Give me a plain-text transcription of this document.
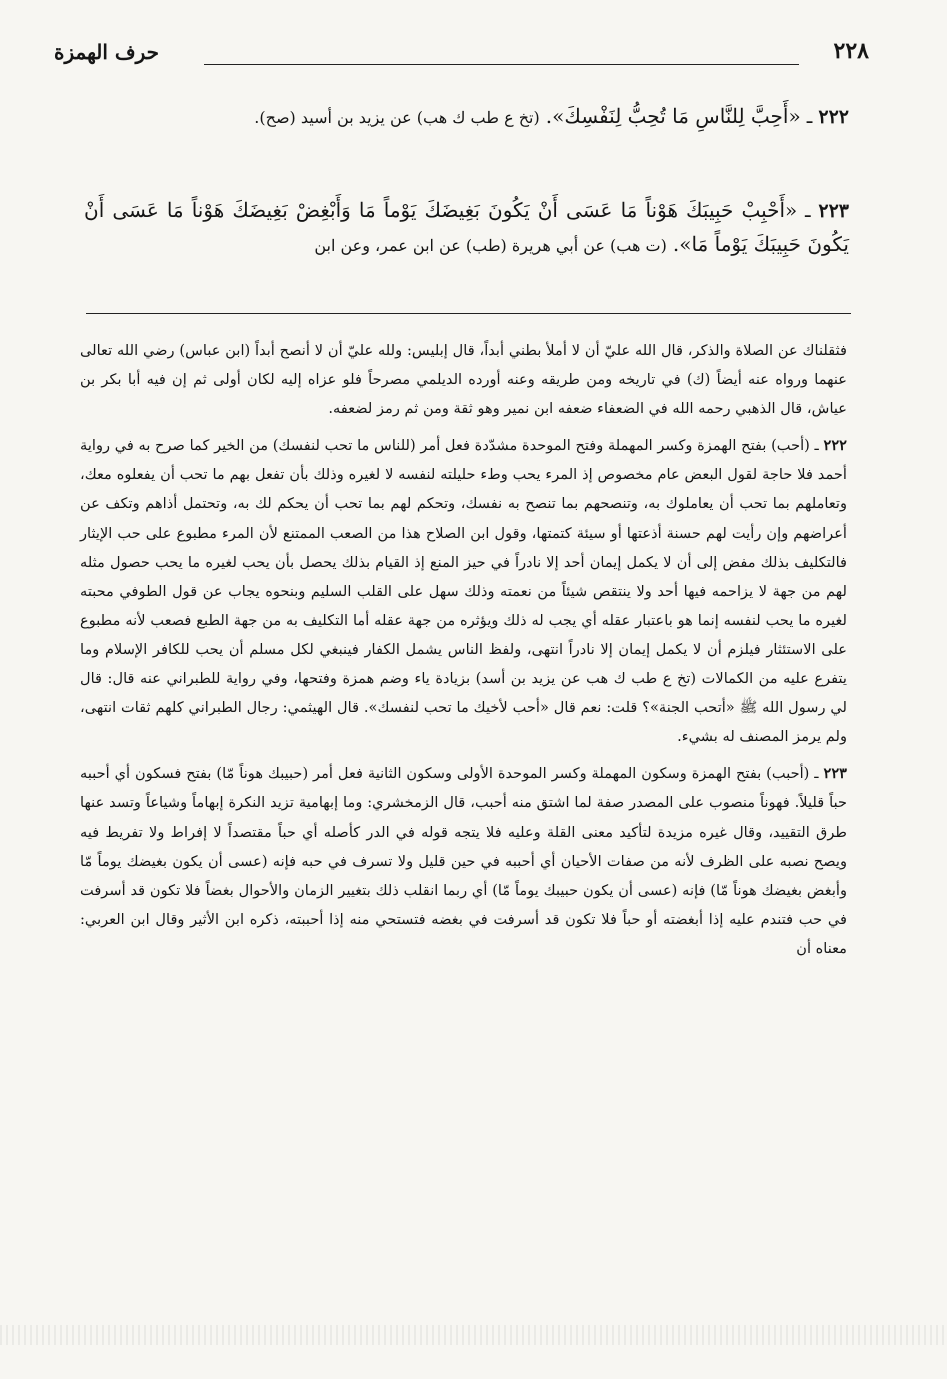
حرف الهمزة	٢٢٨
٢٢٢ ـ «أَحِبَّ لِلنَّاسِ مَا تُحِبُّ لِنَفْسِكَ». (تخ ع طب ك هب) عن يزيد بن أسيد (صح).
٢٢٣ ـ «أَحْبِبْ حَبِيبَكَ هَوْناً مَا عَسَى أَنْ يَكُونَ بَغِيضَكَ يَوْماً مَا وَأَبْغِضْ بَغِيضَكَ هَوْناً مَا عَسَى أَنْ يَكُونَ حَبِيبَكَ يَوْماً مَا». (ت هب) عن أبي هريرة (طب) عن ابن عمر، وعن ابن

فثقلناك عن الصلاة والذكر، قال الله عليّ أن لا أملأ بطني أبداً، قال إبليس: ولله عليّ أن لا أنصح أبداً (ابن عباس) رضي الله تعالى عنهما ورواه عنه أيضاً (ك) في تاريخه ومن طريقه وعنه أورده الديلمي مصرحاً فلو عزاه إليه لكان أولى ثم إن فيه أبا بكر بن عياش، قال الذهبي رحمه الله في الضعفاء ضعفه ابن نمير وهو ثقة ومن ثم رمز لضعفه.

٢٢٢ ـ (أحب) بفتح الهمزة وكسر المهملة وفتح الموحدة مشدّدة فعل أمر (للناس ما تحب لنفسك) من الخير كما صرح به في رواية أحمد فلا حاجة لقول البعض عام مخصوص إذ المرء يحب وطء حليلته لنفسه لا لغيره وذلك بأن تفعل بهم ما تحب أن يفعلوه معك، وتعاملهم بما تحب أن يعاملوك به، وتنصحهم بما تنصح به نفسك، وتحكم لهم بما تحب أن يحكم لك به، وتحتمل أذاهم وتكف عن أعراضهم وإن رأيت لهم حسنة أذعتها أو سيئة كتمتها، وقول ابن الصلاح هذا من الصعب الممتنع لأن المرء مطبوع على حب الإيثار فالتكليف بذلك مفض إلى أن لا يكمل إيمان أحد إلا نادراً في حيز المنع إذ القيام بذلك يحصل بأن يحب لغيره ما يحب حصول مثله لهم من جهة لا يزاحمه فيها أحد ولا ينتقص شيئاً من نعمته وذلك سهل على القلب السليم وبنحوه يجاب عن قول الطوفي محبته لغيره ما يحب لنفسه إنما هو باعتبار عقله أي يجب له ذلك ويؤثره من جهة عقله أما التكليف به من جهة الطبع فصعب لأنه مطبوع على الاستئثار فيلزم أن لا يكمل إيمان إلا نادراً انتهى، ولفظ الناس يشمل الكفار فينبغي لكل مسلم أن يحب للكافر الإسلام وما يتفرع عليه من الكمالات (تخ ع طب ك هب عن يزيد بن أسد) بزيادة ياء وضم همزة وفتحها، وفي رواية للطبراني عنه قال: قال لي رسول الله ﷺ «أتحب الجنة»؟ قلت: نعم قال «أحب لأخيك ما تحب لنفسك». قال الهيثمي: رجال الطبراني كلهم ثقات انتهى، ولم يرمز المصنف له بشيء.

٢٢٣ ـ (أحبب) بفتح الهمزة وسكون المهملة وكسر الموحدة الأولى وسكون الثانية فعل أمر (حبيبك هوناً مّا) بفتح فسكون أي أحببه حباً قليلاً. فهوناً منصوب على المصدر صفة لما اشتق منه أحبب، قال الزمخشري: وما إبهامية تزيد النكرة إبهاماً وشياعاً وتسد عنها طرق التقييد، وقال غيره مزيدة لتأكيد معنى القلة وعليه فلا يتجه قوله في الدر كأصله أي حباً مقتصداً لا إفراط ولا تفريط فيه ويصح نصبه على الظرف لأنه من صفات الأحيان أي أحببه في حين قليل ولا تسرف في حبه فإنه (عسى أن يكون بغيضك يوماً مّا وأبغض بغيضك هوناً مّا) فإنه (عسى أن يكون حبيبك يوماً مّا) أي ربما انقلب ذلك بتغيير الزمان والأحوال بغضاً فلا تكون قد أسرفت في حب فتندم عليه إذا أبغضته أو حباً فلا تكون قد أسرفت في بغضه فتستحي منه إذا أحببته، ذكره ابن الأثير وقال ابن العربي: معناه أن
